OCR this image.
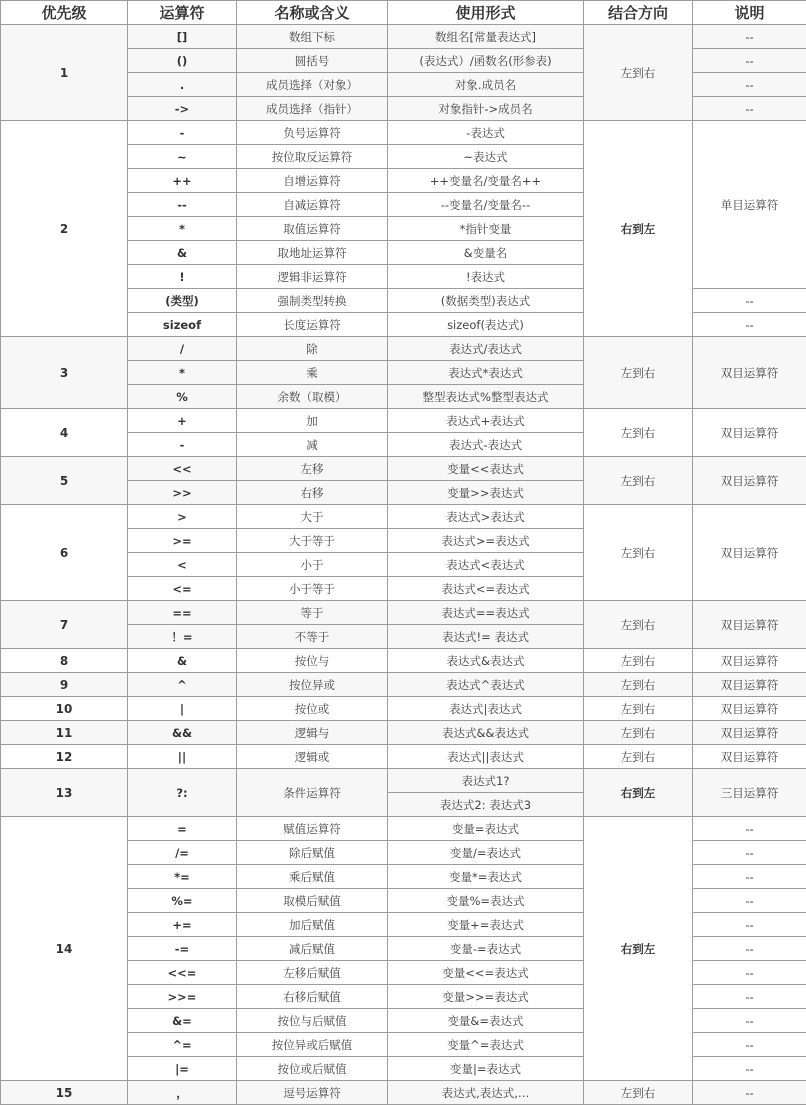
优先级	运算符	名称或含义	使用形式	结合方向	说明
1	[]	数组下标	数组名[常量表达式]	左到右	--
	()	圆括号	(表达式）/函数名(形参表)		--
	.	成员选择（对象）	对象.成员名		--
	->	成员选择（指针）	对象指针->成员名		--
2	-	负号运算符	-表达式	右到左	单目运算符
	~	按位取反运算符	~表达式		
	++	自增运算符	++变量名/变量名++		
	--	自减运算符	--变量名/变量名--		
	*	取值运算符	*指针变量		
	&	取地址运算符	&变量名		
	!	逻辑非运算符	!表达式		
	(类型)	强制类型转换	(数据类型)表达式		--
	sizeof	长度运算符	sizeof(表达式)		--
3	/	除	表达式/表达式	左到右	双目运算符
	*	乘	表达式*表达式		
	%	余数（取模）	整型表达式%整型表达式		
4	+	加	表达式+表达式	左到右	双目运算符
	-	减	表达式-表达式		
5	<<	左移	变量<<表达式	左到右	双目运算符
	>>	右移	变量>>表达式		
6	>	大于	表达式>表达式	左到右	双目运算符
	>=	大于等于	表达式>=表达式		
	<	小于	表达式<表达式		
	<=	小于等于	表达式<=表达式		
7	==	等于	表达式==表达式	左到右	双目运算符
	！=	不等于	表达式!= 表达式		
8	&	按位与	表达式&表达式	左到右	双目运算符
9	^	按位异或	表达式^表达式	左到右	双目运算符
10	|	按位或	表达式|表达式	左到右	双目运算符
11	&&	逻辑与	表达式&&表达式	左到右	双目运算符
12	||	逻辑或	表达式||表达式	左到右	双目运算符
13	?:	条件运算符	表达式1?	右到左	三目运算符
			表达式2: 表达式3		
14	=	赋值运算符	变量=表达式	右到左	--
	/=	除后赋值	变量/=表达式		--
	*=	乘后赋值	变量*=表达式		--
	%=	取模后赋值	变量%=表达式		--
	+=	加后赋值	变量+=表达式		--
	-=	减后赋值	变量-=表达式		--
	<<=	左移后赋值	变量<<=表达式		--
	>>=	右移后赋值	变量>>=表达式		--
	&=	按位与后赋值	变量&=表达式		--
	^=	按位异或后赋值	变量^=表达式		--
	|=	按位或后赋值	变量|=表达式		--
15	，	逗号运算符	表达式,表达式,…	左到右	--
